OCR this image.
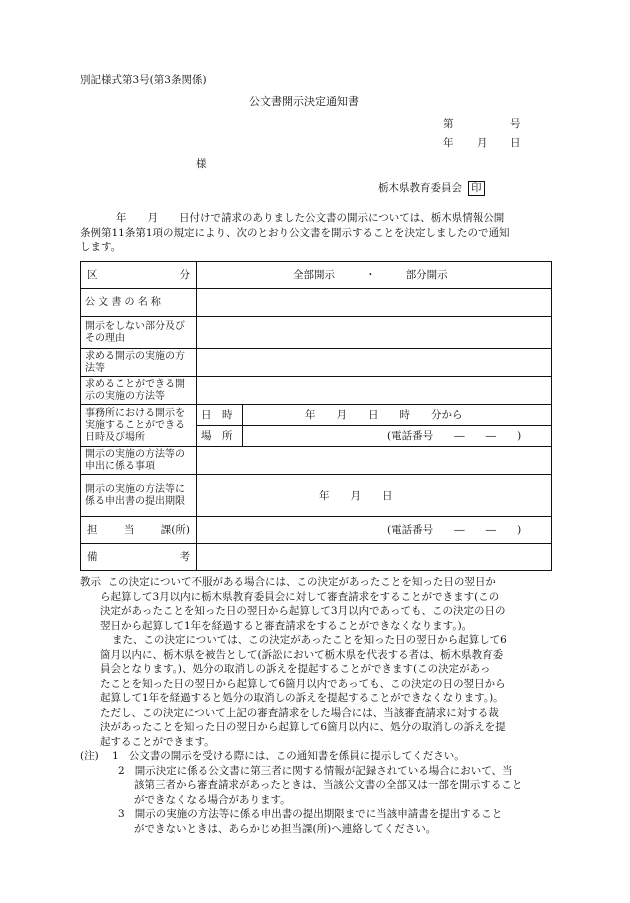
別記様式第3号(第3条関係)
公文書開示決定通知書
第	号
年 月 日
様
栃木県教育委員会 印
年　　月　　日付けで請求のありました公文書の開示については、栃木県情報公開
条例第11条第1項の規定により、次のとおり公文書を開示することを決定しましたので通知
します。
区 分	全部開示 ・ 部分開示	

公 文 書 の 名 称		
開示をしない部分及びその理由		
求める開示の実施の方法等		
求めることができる開示の実施の方法等		
事務所における開示を実施することができる日時及び場所	日　時	年　　月　　日　　時　　分から
	場　所	(電話番号　　―　　―　　)
開示の実施の方法等の申出に係る事項		
開示の実施の方法等に係る申出書の提出期限	年　　月　　日	

担 当 課(所)	(電話番号　　―　　―　　)	

備 考		

教示 この決定について不服がある場合には、この決定があったことを知った日の翌日か
ら起算して3月以内に栃木県教育委員会に対して審査請求をすることができます(この
決定があったことを知った日の翌日から起算して3月以内であっても、この決定の日の
翌日から起算して1年を経過すると審査請求をすることができなくなります。)。
また、この決定については、この決定があったことを知った日の翌日から起算して6
箇月以内に、栃木県を被告として(訴訟において栃木県を代表する者は、栃木県教育委
員会となります。)、処分の取消しの訴えを提起することができます(この決定があっ
たことを知った日の翌日から起算して6箇月以内であっても、この決定の日の翌日から
起算して1年を経過すると処分の取消しの訴えを提起することができなくなります。)。
ただし、この決定について上記の審査請求をした場合には、当該審査請求に対する裁
決があったことを知った日の翌日から起算して6箇月以内に、処分の取消しの訴えを提
起することができます。
(注) 1 公文書の開示を受ける際には、この通知書を係員に提示してください。
2 開示決定に係る公文書に第三者に関する情報が記録されている場合において、当
該第三者から審査請求があったときは、当該公文書の全部又は一部を開示すること
ができなくなる場合があります。
3 開示の実施の方法等に係る申出書の提出期限までに当該申請書を提出すること
ができないときは、あらかじめ担当課(所)へ連絡してください。
